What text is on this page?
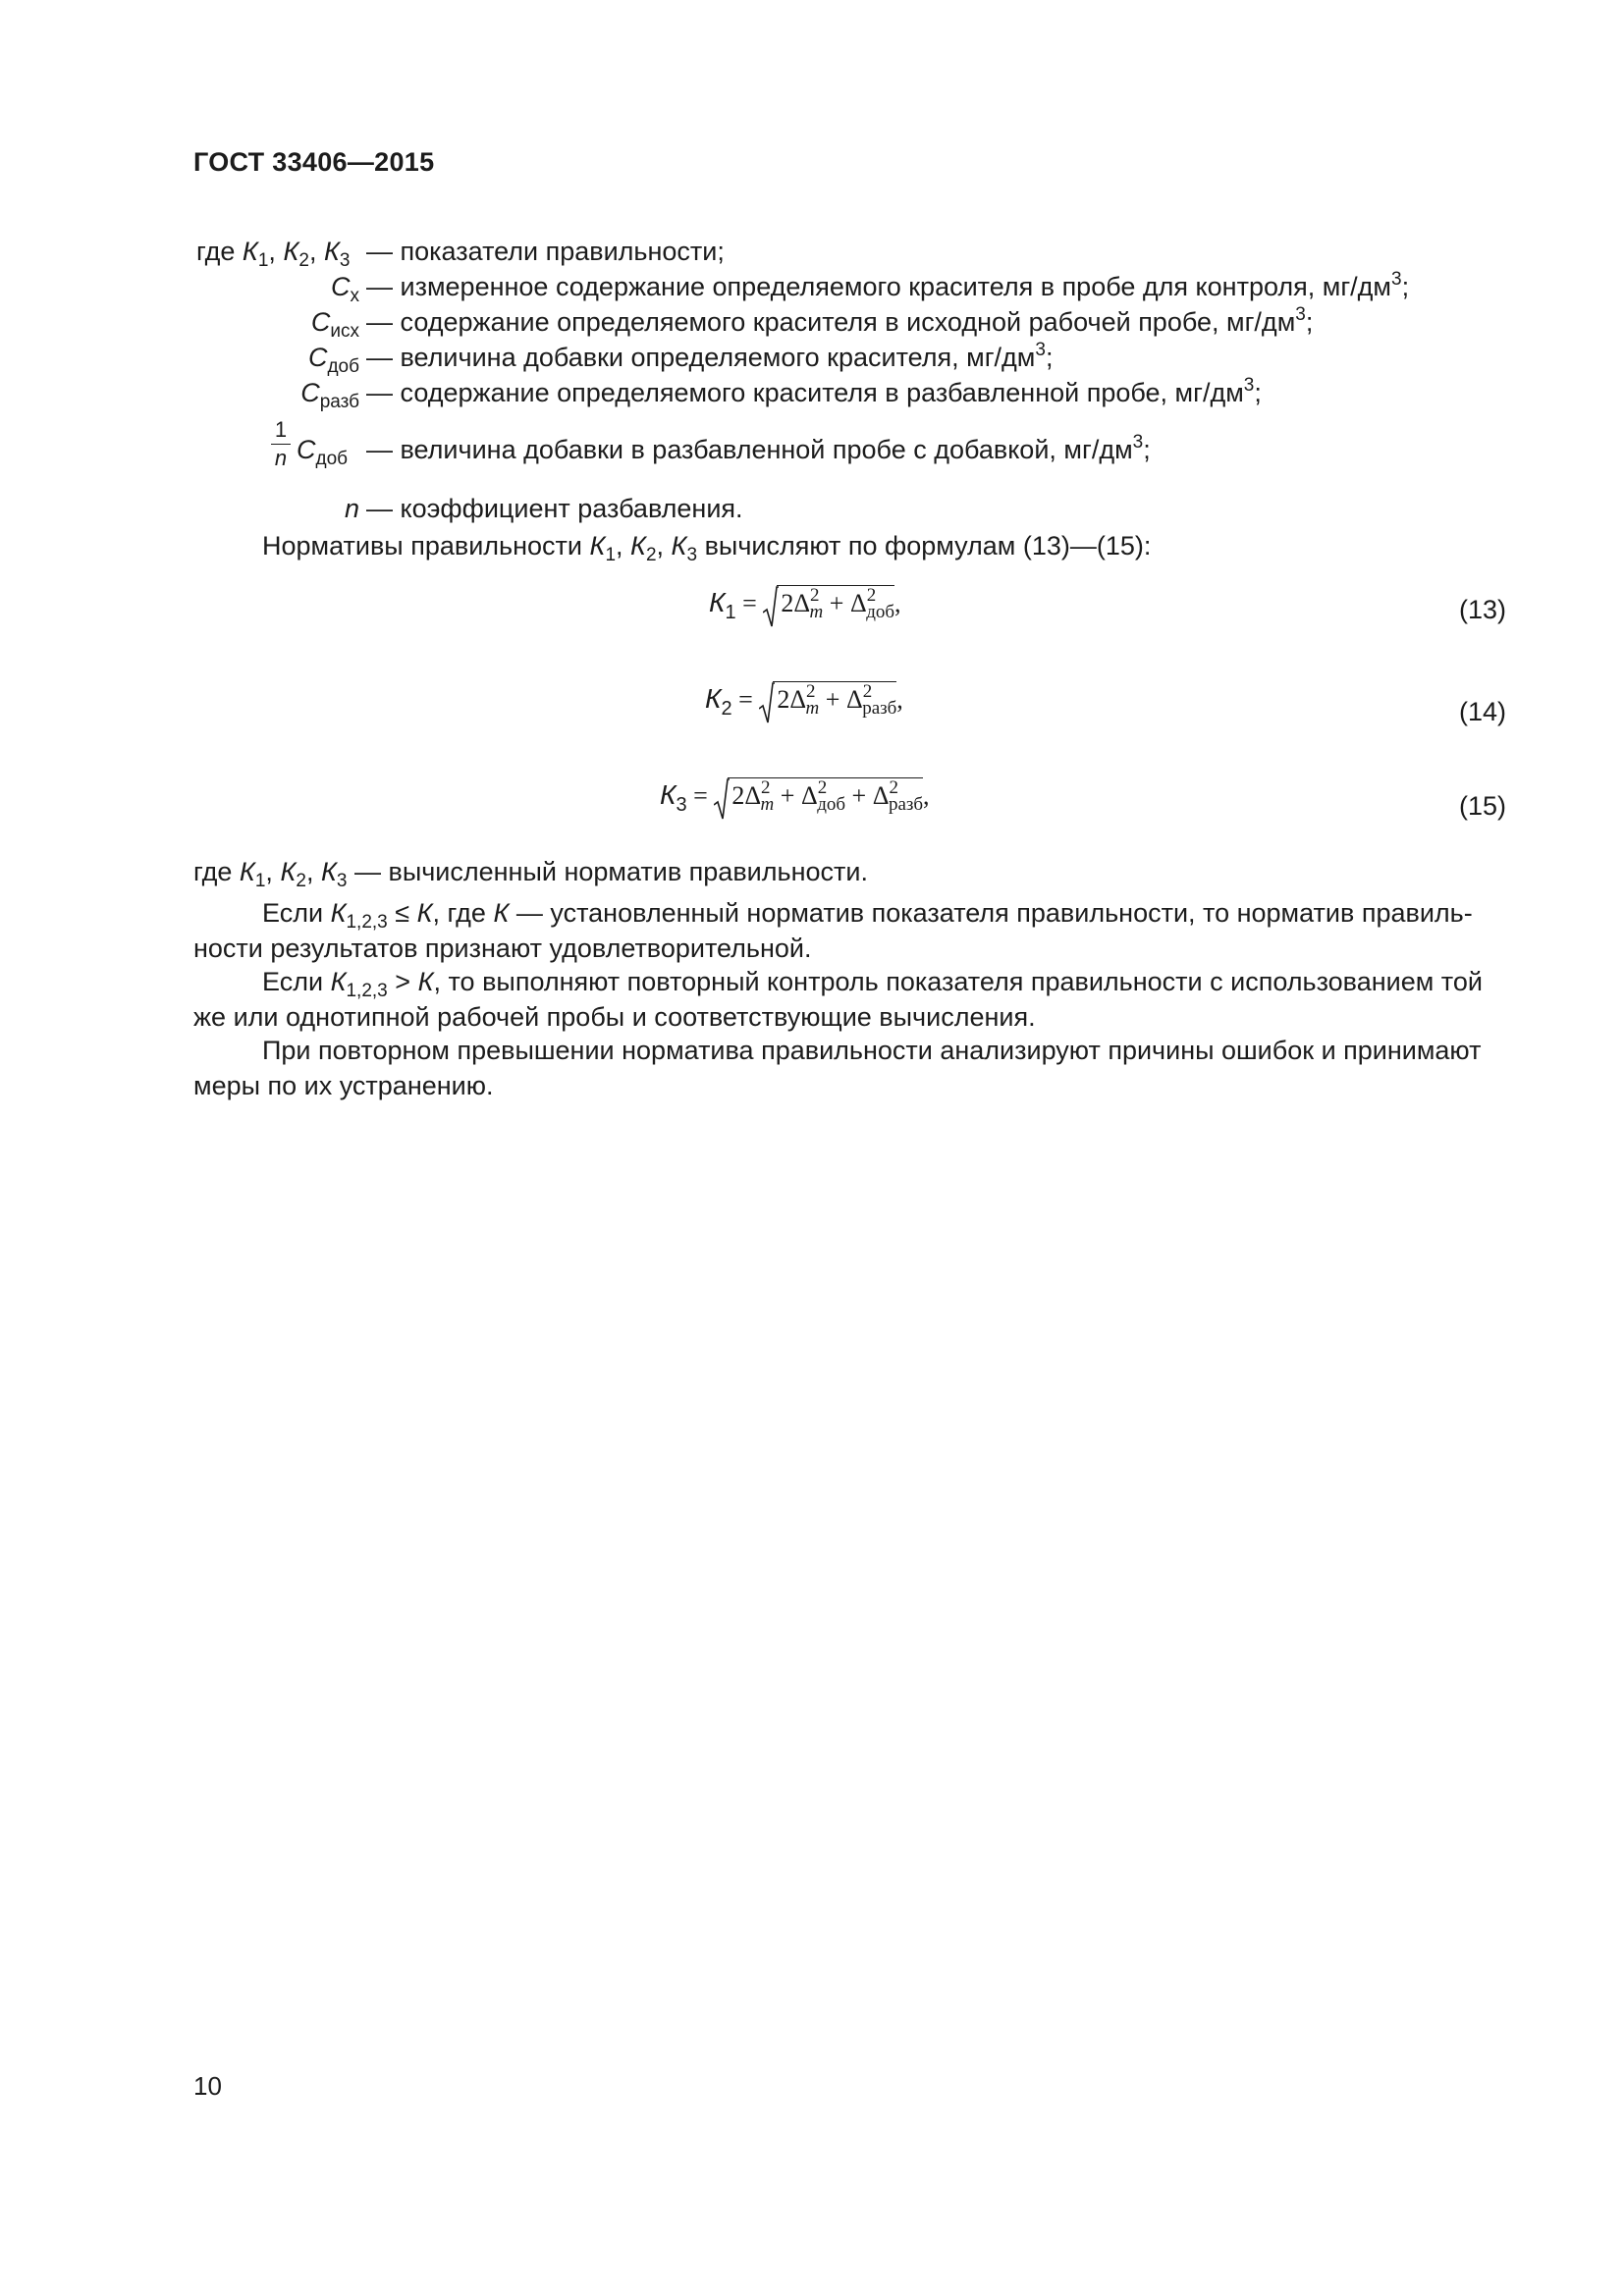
ГОСТ 33406—2015
где $К_1$, $К_2$, $К_3$ — показатели правильности;
$С_х$ — измеренное содержание определяемого красителя в пробе для контроля, $мг/дм^3$;
$С_{исх}$ — содержание определяемого красителя в исходной рабочей пробе, $мг/дм^3$;
$С_{доб}$ — величина добавки определяемого красителя, $мг/дм^3$;
$С_{разб}$ — содержание определяемого красителя в разбавленной пробе, $мг/дм^3$;
1
n $С_{доб}$ — величина добавки в разбавленной пробе с добавкой, $мг/дм^3$;
n — коэффициент разбавления.
Нормативы правильности $К_1$, $К_2$, $К_3$ вычисляют по формулам (13)—(15):
$К_1 = 2\Delta^2_m + \Delta^2_{доб}$,	(13)
$К_2 = 2\Delta^2_m + \Delta^2_{разб}$,	(14)
$К_3 = 2\Delta^2_m + \Delta^2_{доб} + \Delta^2_{разб}$,	(15)
где $К_1$, $К_2$, $К_3$ — вычисленный норматив правильности.
Если $К_{1,2,3} \le К$, где К — установленный норматив показателя правильности, то норматив правиль-
ности результатов признают удовлетворительной.
Если $К_{1,2,3} > К$, то выполняют повторный контроль показателя правильности с использованием той
же или однотипной рабочей пробы и соответствующие вычисления.
При повторном превышении норматива правильности анализируют причины ошибок и принимают
меры по их устранению.
10
